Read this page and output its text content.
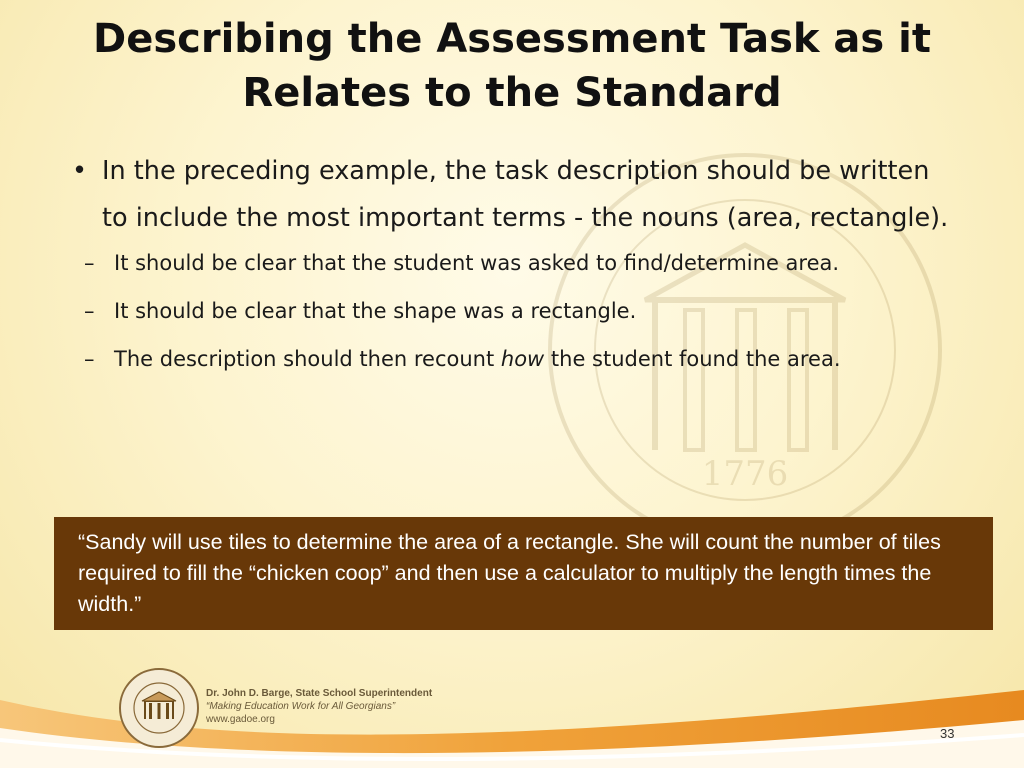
1776
Describing the Assessment Task as it Relates to the Standard
• In the preceding example, the task description should be written to include the most important terms - the nouns (area, rectangle).
– It should be clear that the student was asked to find/determine area.
– It should be clear that the shape was a rectangle.
– The description should then recount how the student found the area.
“Sandy will use tiles to determine the area of a rectangle. She will count the number of tiles required to fill the “chicken coop” and then use a calculator to multiply the length times the width.”
Dr. John D. Barge, State School Superintendent
“Making Education Work for All Georgians”
www.gadoe.org
33
